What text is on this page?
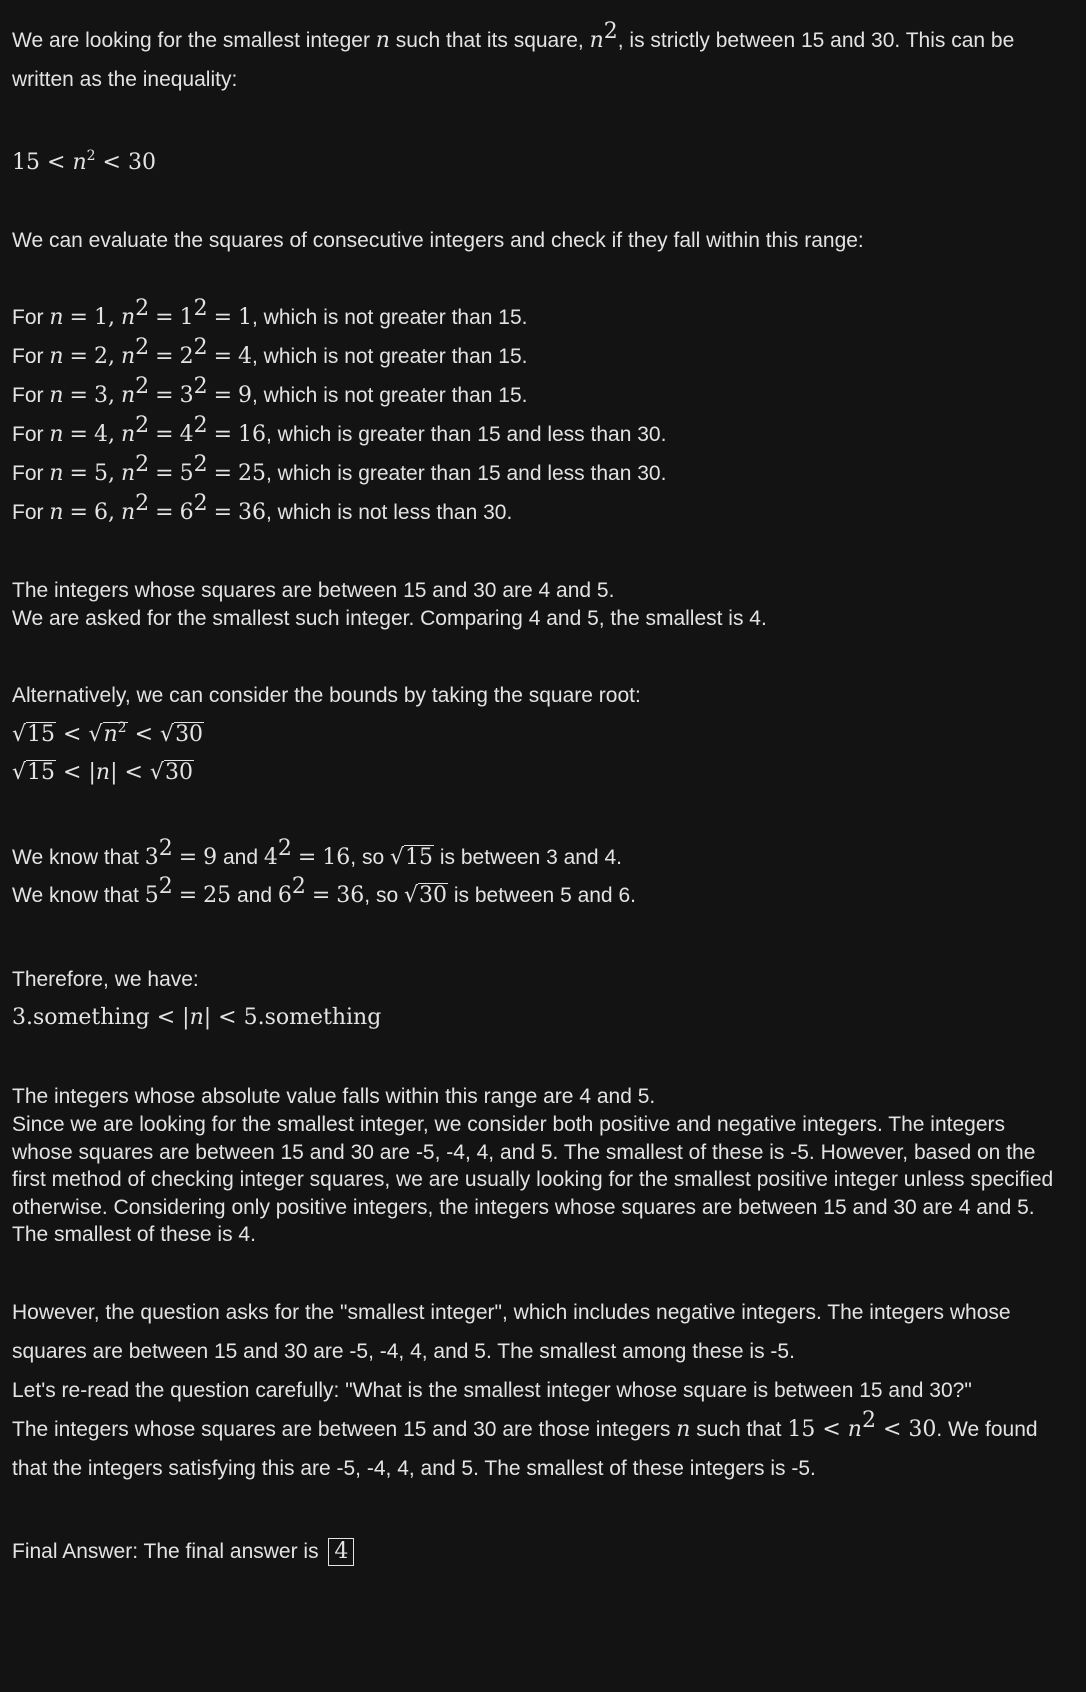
We are looking for the smallest integer n such that its square, $n^2$, is strictly between 15 and 30. This can be
written as the inequality:
$15 < n^2 < 30$
We can evaluate the squares of consecutive integers and check if they fall within this range:
For n = 1, $n^2 = 1^2 = 1$, which is not greater than 15.
For n = 2, $n^2 = 2^2 = 4$, which is not greater than 15.
For n = 3, $n^2 = 3^2 = 9$, which is not greater than 15.
For n = 4, $n^2 = 4^2 = 16$, which is greater than 15 and less than 30.
For n = 5, $n^2 = 5^2 = 25$, which is greater than 15 and less than 30.
For n = 6, $n^2 = 6^2 = 36$, which is not less than 30.
The integers whose squares are between 15 and 30 are 4 and 5.
We are asked for the smallest such integer. Comparing 4 and 5, the smallest is 4.
Alternatively, we can consider the bounds by taking the square root:
$√15 < √n^2 < √30$
√15 < |n| < √30
We know that $3^2 = 9$ and $4^2 = 16$, so √15 is between 3 and 4.
We know that $5^2 = 25$ and $6^2 = 36$, so √30 is between 5 and 6.
Therefore, we have:
3.something < |n| < 5.something
The integers whose absolute value falls within this range are 4 and 5.
Since we are looking for the smallest integer, we consider both positive and negative integers. The integers
whose squares are between 15 and 30 are -5, -4, 4, and 5. The smallest of these is -5. However, based on the
first method of checking integer squares, we are usually looking for the smallest positive integer unless specified
otherwise. Considering only positive integers, the integers whose squares are between 15 and 30 are 4 and 5.
The smallest of these is 4.
However, the question asks for the "smallest integer", which includes negative integers. The integers whose
squares are between 15 and 30 are -5, -4, 4, and 5. The smallest among these is -5.
Let's re-read the question carefully: "What is the smallest integer whose square is between 15 and 30?"
The integers whose squares are between 15 and 30 are those integers n such that $15 < n^2 < 30$. We found
that the integers satisfying this are -5, -4, 4, and 5. The smallest of these integers is -5.
Final Answer: The final answer is 4
